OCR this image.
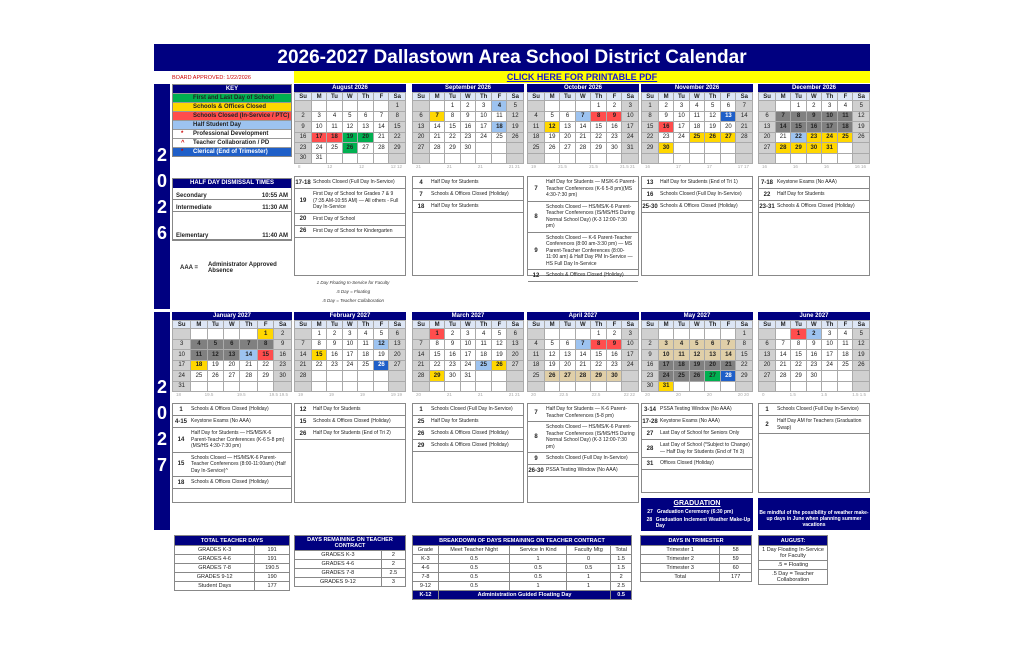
2026-2027 Dallastown Area School District Calendar
BOARD APPROVED: 1/22/2026	CLICK HERE FOR PRINTABLE PDF
2
0
2
6
2
0
2
7
KEY
First and Last Day of School
Schools & Offices Closed
Schools Closed (In-Service / PTC)
Half Student Day
* Professional Development
^ Teacher Collaboration / PD
* Clerical (End of Trimester)
HALF DAY DISMISSAL TIMES
Secondary	10:55 AM
Intermediate	11:30 AM
Elementary	11:40 AM
AAA = Administrator Approved Absence
1 Day Floating In-Service for Faculty
.5 Day = Floating
.5 Day = Teacher Collaboration
August 2026
Su	M	Tu	W	Th	F	Sa
						1
2	3	4	5	6	7	8
9	10	11	12	13	14	15
16	17	18	19	20	21	22
23	24	25	26	27	28	29
30	31					
8	12	12	12 12
September 2026
Su	M	Tu	W	Th	F	Sa
		1	2	3	4	5
6	7	8	9	10	11	12
13	14	15	16	17	18	19
20	21	22	23	24	25	26
27	28	29	30			

21	21	21	21 21
October 2026
Su	M	Tu	W	Th	F	Sa
				1	2	3
4	5	6	7	8	9	10
11	12	13	14	15	16	17
18	19	20	21	22	23	24
25	26	27	28	29	30	31

19	21.5	21.5	21.5 21
November 2026
Su	M	Tu	W	Th	F	Sa
1	2	3	4	5	6	7
8	9	10	11	12	13	14
15	16	17	18	19	20	21
22	23	24	25	26	27	28
29	30					

16	17	17	17 17
December 2026
Su	M	Tu	W	Th	F	Sa
		1	2	3	4	5
6	7	8	9	10	11	12
13	14	15	16	17	18	19
20	21	22	23	24	25	26
27	28	29	30	31		

16	16	16	16 16
January 2027
Su	M	Tu	W	Th	F	Sa
					1	2
3	4	5	6	7	8	9
10	11	12	13	14	15	16
17	18	19	20	21	22	23
24	25	26	27	28	29	30
31						
18	19.5	19.5	19.5 19.5
February 2027
Su	M	Tu	W	Th	F	Sa
	1	2	3	4	5	6
7	8	9	10	11	12	13
14	15	16	17	18	19	20
21	22	23	24	25	26	27
28						

19	19	19	19 19
March 2027
Su	M	Tu	W	Th	F	Sa
	1	2	3	4	5	6
7	8	9	10	11	12	13
14	15	16	17	18	19	20
21	22	23	24	25	26	27
28	29	30	31			

20	21	21	21 21
April 2027
Su	M	Tu	W	Th	F	Sa
				1	2	3
4	5	6	7	8	9	10
11	12	13	14	15	16	17
18	19	20	21	22	23	24
25	26	27	28	29	30	

20	22.5	22.5	22 22
May 2027
Su	M	Tu	W	Th	F	Sa
						1
2	3	4	5	6	7	8
9	10	11	12	13	14	15
16	17	18	19	20	21	22
23	24	25	26	27	28	29
30	31					
20	20	20	20 20
June 2027
Su	M	Tu	W	Th	F	Sa
		1	2	3	4	5
6	7	8	9	10	11	12
13	14	15	16	17	18	19
20	21	22	23	24	25	26
27	28	29	30			

0	1.5	1.5	1.5 1.5
17-18 Schools Closed (Full Day In-Service)
19
First Day of School for Grades 7 & 9 (7:35 AM-10:55 AM) — All others - Full Day In-Service
20	First Day of School
26	First Day of School for Kindergarten
4	Half Day for Students
7	Schools & Offices Closed (Holiday)
18	Half Day for Students
7
Half Day for Students — MS/K-6 Parent-Teacher Conferences (K-6 5-8 pm)(MS 4:30-7:30 pm)
8
Schools Closed — HS/MS/K-6 Parent-Teacher Conferences (IS/MS/HS During Normal School Day) (K-3 12:00-7:30 pm)
9
Schools Closed — K-6 Parent-Teacher Conferences (8:00 am-3:30 pm) — MS Parent-Teacher Conferences (8:00-11:00 am) & Half Day PM In-Service — HS Full Day In-Service
12	Schools & Offices Closed (Holiday)
13	Half Day for Students (End of Tri 1)
16	Schools Closed (Full Day In-Service)
25-30 Schools & Offices Closed (Holiday)
7-18 Keystone Exams (No AAA)
22	Half Day for Students
23-31 Schools & Offices Closed (Holiday)
1	Schools & Offices Closed (Holiday)
4-15 Keystone Exams (No AAA)
14
Half Day for Students — HS/MS/K-6 Parent-Teacher Conferences (K-6 5-8 pm) (MS/HS 4:30-7:30 pm)
15
Schools Closed — HS/MS/K-6 Parent-Teacher Conferences (8:00-11:00am) (Half Day In-Service)^
18	Schools & Offices Closed (Holiday)
12	Half Day for Students
15	Schools & Offices Closed (Holiday)
26	Half Day for Students (End of Tri 2)
1	Schools Closed (Full Day In-Service)
25	Half Day for Students
26	Schools & Offices Closed (Holiday)
29	Schools & Offices Closed (Holiday)
7
Half Day for Students — K-6 Parent-Teacher Conferences (5-8 pm)
8
Schools Closed — HS/MS/K-6 Parent-Teacher Conferences (IS/MS/HS During Normal School Day) (K-3 12:00-7:30 pm)
9	Schools Closed (Full Day In-Service)
26-30 PSSA Testing Window (No AAA)
3-14 PSSA Testing Window (No AAA)
17-28 Keystone Exams (No AAA)
27	Last Day of School for Seniors Only
28
Last Day of School (*Subject to Change) — Half Day for Students (End of Tri 3)
31	Offices Closed (Holiday)
1	Schools Closed (Full Day In-Service)
2
Half Day AM for Teachers (Graduation Swap)
GRADUATION
27 Graduation Ceremony (6:30 pm)
28 Graduation Inclement Weather Make-Up Day
Be mindful of the possibility of weather make-up days in June when planning summer vacations
TOTAL TEACHER DAYS	
GRADES K-3	191
GRADES 4-6	191
GRADES 7-8	190.5
GRADES 9-12	190
Student Days	177
DAYS REMAINING ON TEACHER CONTRACT	
GRADES K-3	2
GRADES 4-6	2
GRADES 7-8	2.5
GRADES 9-12	3
BREAKDOWN OF DAYS REMAINING ON TEACHER CONTRACT				
Grade	Meet Teacher Night	Service In Kind	Faculty Mtg	Total
K-3	0.5	1	0	1.5
4-6	0.5	0.5	0.5	1.5
7-8	0.5	0.5	1	2
9-12	0.5	1	1	2.5
K-12	Administration Guided Floating Day			0.5
DAYS IN TRIMESTER	
Trimester 1	58
Trimester 2	59
Trimester 3	60
Total	177
AUGUST:
1 Day Floating In-Service for Faculty
.5 = Floating
.5 Day = Teacher Collaboration
